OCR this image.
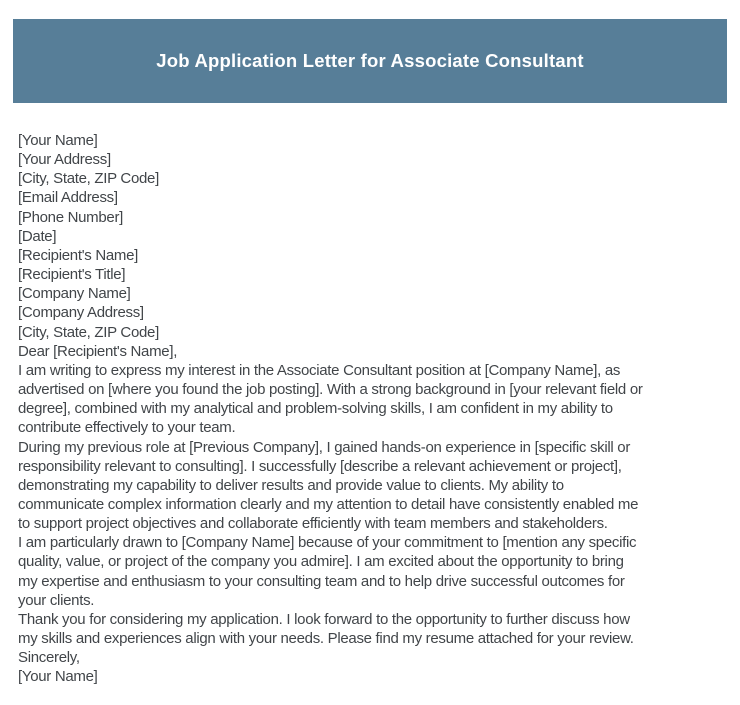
Job Application Letter for Associate Consultant
[Your Name]
[Your Address]
[City, State, ZIP Code]
[Email Address]
[Phone Number]
[Date]
[Recipient's Name]
[Recipient's Title]
[Company Name]
[Company Address]
[City, State, ZIP Code]
Dear [Recipient's Name],
I am writing to express my interest in the Associate Consultant position at [Company Name], as
advertised on [where you found the job posting]. With a strong background in [your relevant field or
degree], combined with my analytical and problem-solving skills, I am confident in my ability to
contribute effectively to your team.
During my previous role at [Previous Company], I gained hands-on experience in [specific skill or
responsibility relevant to consulting]. I successfully [describe a relevant achievement or project],
demonstrating my capability to deliver results and provide value to clients. My ability to
communicate complex information clearly and my attention to detail have consistently enabled me
to support project objectives and collaborate efficiently with team members and stakeholders.
I am particularly drawn to [Company Name] because of your commitment to [mention any specific
quality, value, or project of the company you admire]. I am excited about the opportunity to bring
my expertise and enthusiasm to your consulting team and to help drive successful outcomes for
your clients.
Thank you for considering my application. I look forward to the opportunity to further discuss how
my skills and experiences align with your needs. Please find my resume attached for your review.
Sincerely,
[Your Name]
